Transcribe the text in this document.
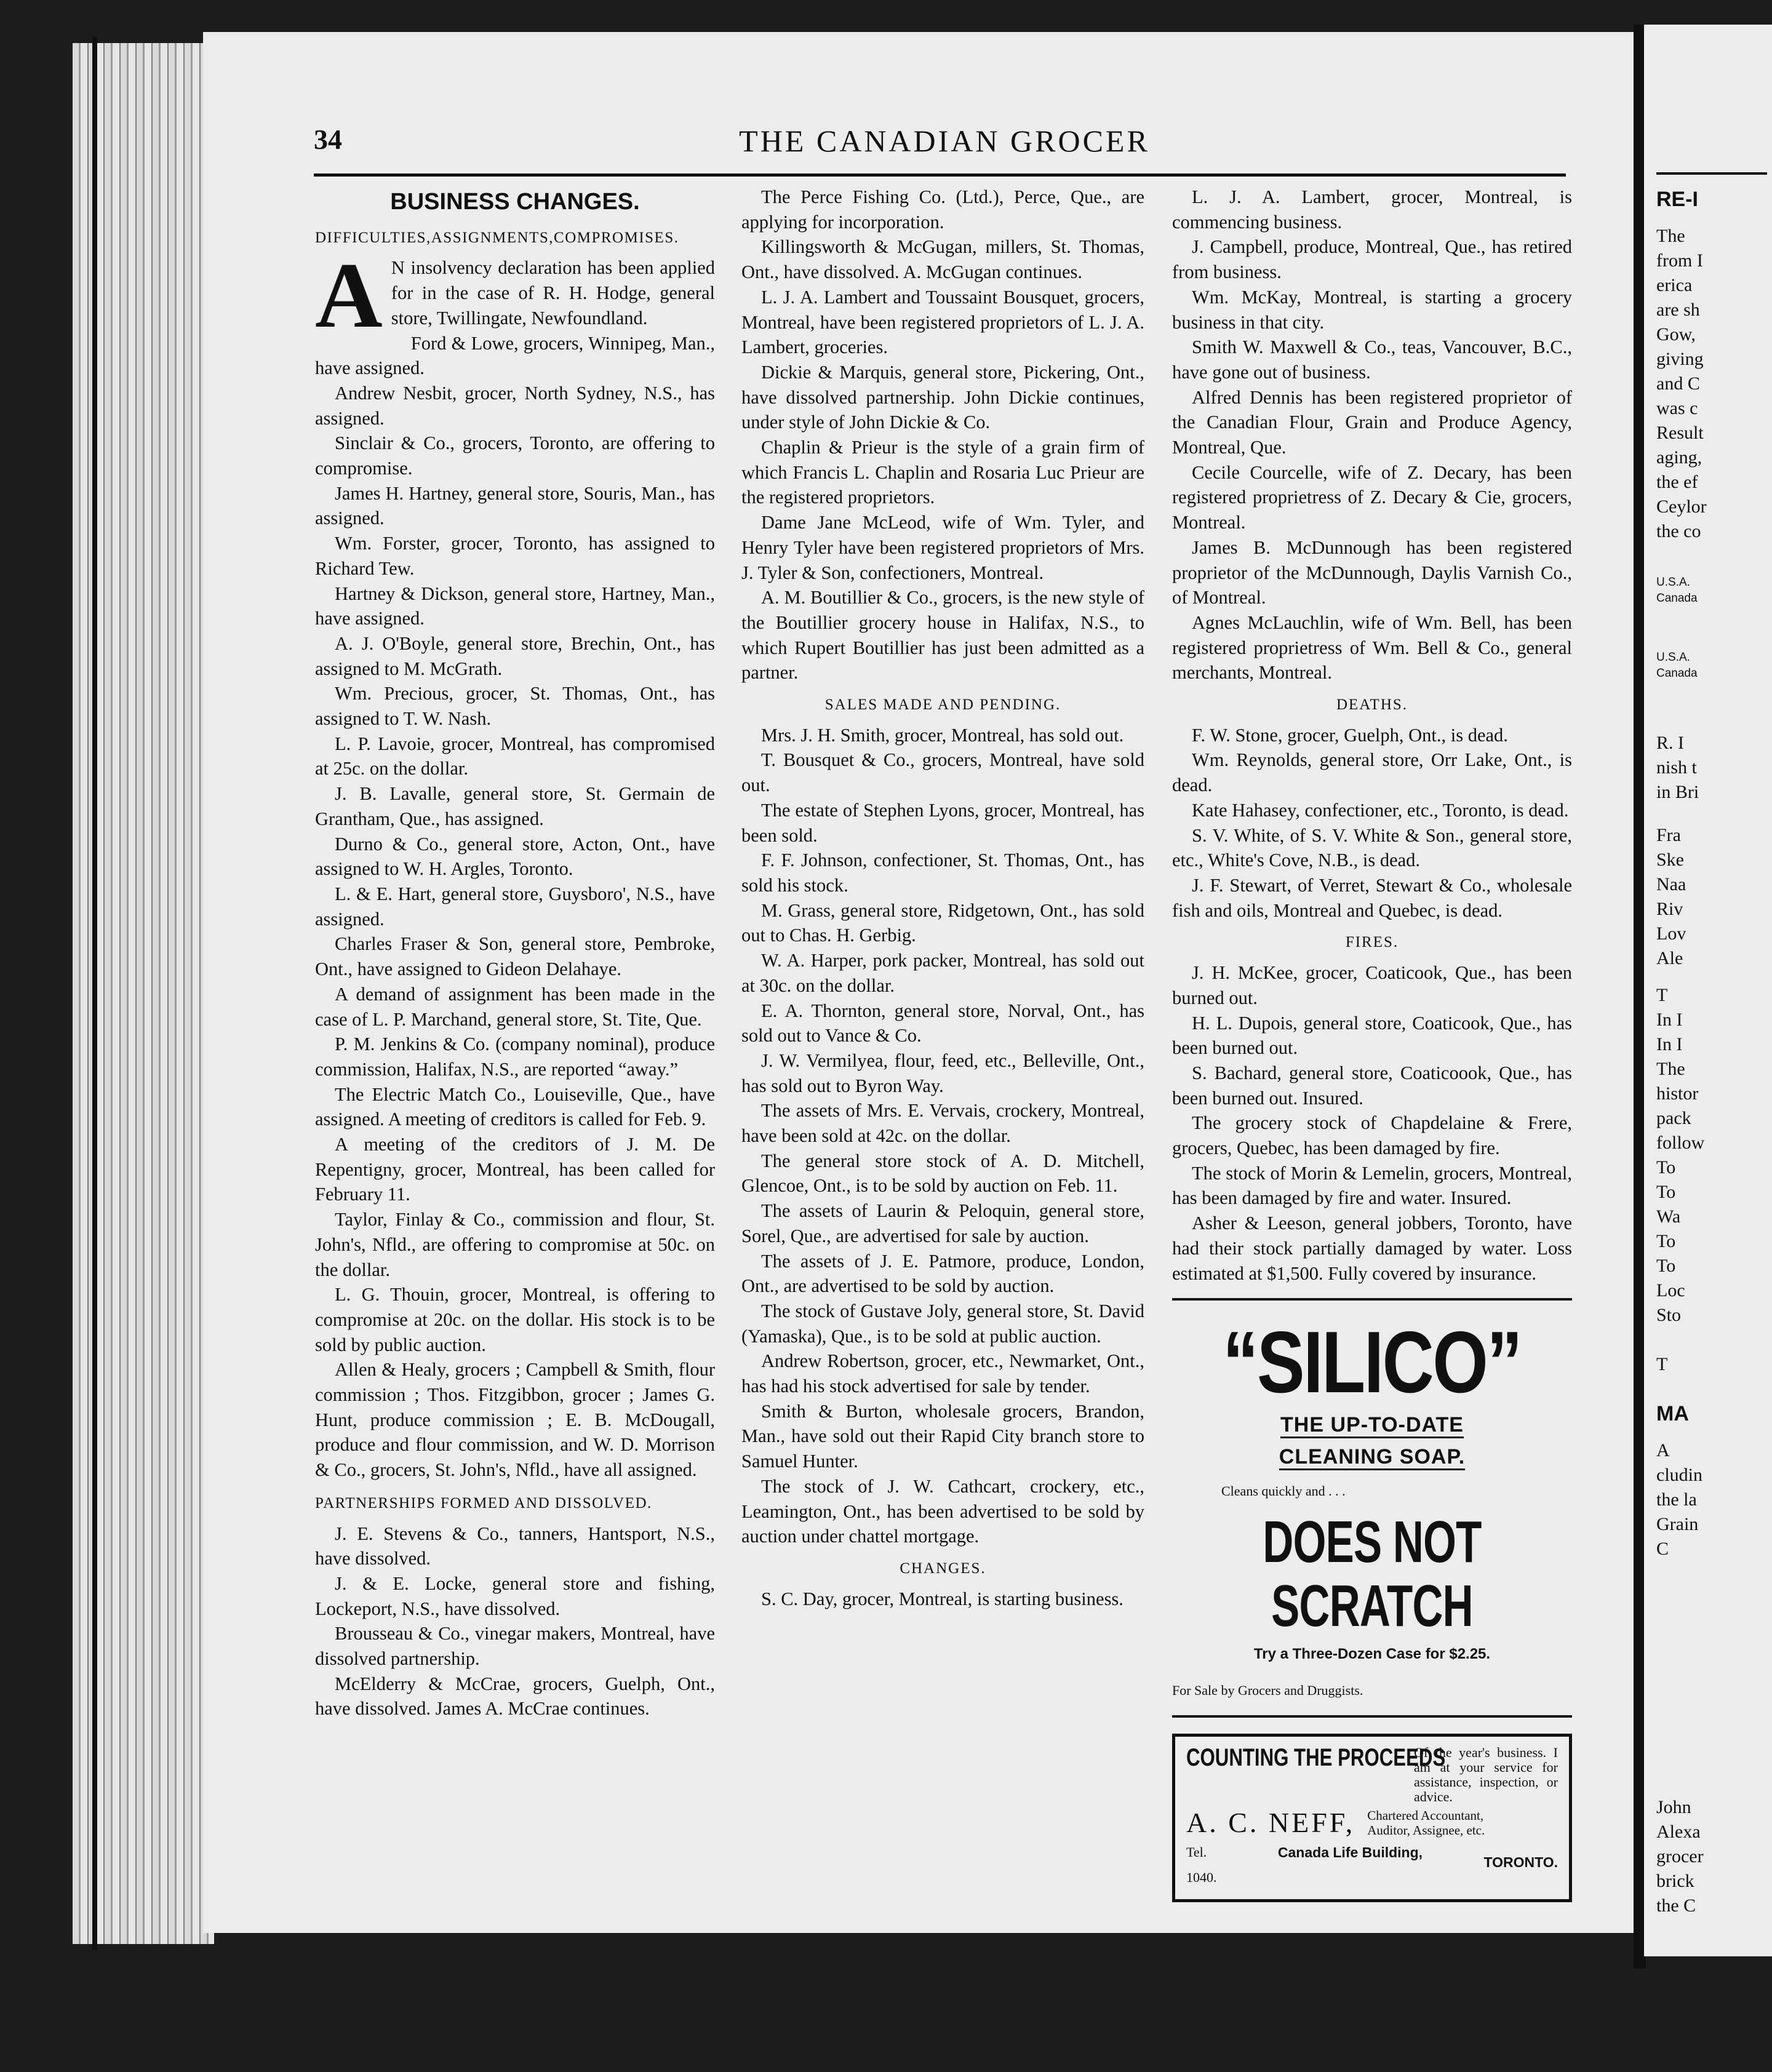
34	THE CANADIAN GROCER
BUSINESS CHANGES.
DIFFICULTIES,ASSIGNMENTS,COMPROMISES.

A N insolvency declaration has been applied for in the case of R. H. Hodge, general store, Twillingate, Newfoundland.

Ford & Lowe, grocers, Winnipeg, Man., have assigned.

Andrew Nesbit, grocer, North Sydney, N.S., has assigned.

Sinclair & Co., grocers, Toronto, are offering to compromise.

James H. Hartney, general store, Souris, Man., has assigned.

Wm. Forster, grocer, Toronto, has assigned to Richard Tew.

Hartney & Dickson, general store, Hartney, Man., have assigned.

A. J. O'Boyle, general store, Brechin, Ont., has assigned to M. McGrath.

Wm. Precious, grocer, St. Thomas, Ont., has assigned to T. W. Nash.

L. P. Lavoie, grocer, Montreal, has compromised at 25c. on the dollar.

J. B. Lavalle, general store, St. Germain de Grantham, Que., has assigned.

Durno & Co., general store, Acton, Ont., have assigned to W. H. Argles, Toronto.

L. & E. Hart, general store, Guysboro', N.S., have assigned.

Charles Fraser & Son, general store, Pembroke, Ont., have assigned to Gideon Delahaye.

A demand of assignment has been made in the case of L. P. Marchand, general store, St. Tite, Que.

P. M. Jenkins & Co. (company nominal), produce commission, Halifax, N.S., are reported “away.”

The Electric Match Co., Louiseville, Que., have assigned. A meeting of creditors is called for Feb. 9.

A meeting of the creditors of J. M. De Repentigny, grocer, Montreal, has been called for February 11.

Taylor, Finlay & Co., commission and flour, St. John's, Nfld., are offering to compromise at 50c. on the dollar.

L. G. Thouin, grocer, Montreal, is offering to compromise at 20c. on the dollar. His stock is to be sold by public auction.

Allen & Healy, grocers ; Campbell & Smith, flour commission ; Thos. Fitzgibbon, grocer ; James G. Hunt, produce commission ; E. B. McDougall, produce and flour commission, and W. D. Morrison & Co., grocers, St. John's, Nfld., have all assigned.

PARTNERSHIPS FORMED AND DISSOLVED.

J. E. Stevens & Co., tanners, Hantsport, N.S., have dissolved.

J. & E. Locke, general store and fishing, Lockeport, N.S., have dissolved.

Brousseau & Co., vinegar makers, Montreal, have dissolved partnership.

McElderry & McCrae, grocers, Guelph, Ont., have dissolved. James A. McCrae continues.

The Perce Fishing Co. (Ltd.), Perce, Que., are applying for incorporation.

Killingsworth & McGugan, millers, St. Thomas, Ont., have dissolved. A. McGugan continues.

L. J. A. Lambert and Toussaint Bousquet, grocers, Montreal, have been registered proprietors of L. J. A. Lambert, groceries.

Dickie & Marquis, general store, Pickering, Ont., have dissolved partnership. John Dickie continues, under style of John Dickie & Co.

Chaplin & Prieur is the style of a grain firm of which Francis L. Chaplin and Rosaria Luc Prieur are the registered proprietors.

Dame Jane McLeod, wife of Wm. Tyler, and Henry Tyler have been registered proprietors of Mrs. J. Tyler & Son, confectioners, Montreal.

A. M. Boutillier & Co., grocers, is the new style of the Boutillier grocery house in Halifax, N.S., to which Rupert Boutillier has just been admitted as a partner.

SALES MADE AND PENDING.

Mrs. J. H. Smith, grocer, Montreal, has sold out.

T. Bousquet & Co., grocers, Montreal, have sold out.

The estate of Stephen Lyons, grocer, Montreal, has been sold.

F. F. Johnson, confectioner, St. Thomas, Ont., has sold his stock.

M. Grass, general store, Ridgetown, Ont., has sold out to Chas. H. Gerbig.

W. A. Harper, pork packer, Montreal, has sold out at 30c. on the dollar.

E. A. Thornton, general store, Norval, Ont., has sold out to Vance & Co.

J. W. Vermilyea, flour, feed, etc., Belleville, Ont., has sold out to Byron Way.

The assets of Mrs. E. Vervais, crockery, Montreal, have been sold at 42c. on the dollar.

The general store stock of A. D. Mitchell, Glencoe, Ont., is to be sold by auction on Feb. 11.

The assets of Laurin & Peloquin, general store, Sorel, Que., are advertised for sale by auction.

The assets of J. E. Patmore, produce, London, Ont., are advertised to be sold by auction.

The stock of Gustave Joly, general store, St. David (Yamaska), Que., is to be sold at public auction.

Andrew Robertson, grocer, etc., Newmarket, Ont., has had his stock advertised for sale by tender.

Smith & Burton, wholesale grocers, Brandon, Man., have sold out their Rapid City branch store to Samuel Hunter.

The stock of J. W. Cathcart, crockery, etc., Leamington, Ont., has been advertised to be sold by auction under chattel mortgage.

CHANGES.

S. C. Day, grocer, Montreal, is starting business.

L. J. A. Lambert, grocer, Montreal, is commencing business.

J. Campbell, produce, Montreal, Que., has retired from business.

Wm. McKay, Montreal, is starting a grocery business in that city.

Smith W. Maxwell & Co., teas, Vancouver, B.C., have gone out of business.

Alfred Dennis has been registered proprietor of the Canadian Flour, Grain and Produce Agency, Montreal, Que.

Cecile Courcelle, wife of Z. Decary, has been registered proprietress of Z. Decary & Cie, grocers, Montreal.

James B. McDunnough has been registered proprietor of the McDunnough, Daylis Varnish Co., of Montreal.

Agnes McLauchlin, wife of Wm. Bell, has been registered proprietress of Wm. Bell & Co., general merchants, Montreal.

DEATHS.

F. W. Stone, grocer, Guelph, Ont., is dead.

Wm. Reynolds, general store, Orr Lake, Ont., is dead.

Kate Hahasey, confectioner, etc., Toronto, is dead.

S. V. White, of S. V. White & Son., general store, etc., White's Cove, N.B., is dead.

J. F. Stewart, of Verret, Stewart & Co., wholesale fish and oils, Montreal and Quebec, is dead.

FIRES.

J. H. McKee, grocer, Coaticook, Que., has been burned out.

H. L. Dupois, general store, Coaticook, Que., has been burned out.

S. Bachard, general store, Coaticoook, Que., has been burned out. Insured.

The grocery stock of Chapdelaine & Frere, grocers, Quebec, has been damaged by fire.

The stock of Morin & Lemelin, grocers, Montreal, has been damaged by fire and water. Insured.

Asher & Leeson, general jobbers, Toronto, have had their stock partially damaged by water. Loss estimated at $1,500. Fully covered by insurance.

“SILICO”
THE UP-TO-DATE
CLEANING SOAP.
Cleans quickly and . . .
DOES NOT SCRATCH
Try a Three-Dozen Case for $2.25.
For Sale by Grocers and Druggists.
COUNTING THE PROCEEDS
Of the year's business. I am at your service for assistance, inspection, or advice.
A. C. NEFF, Chartered Accountant,
Auditor, Assignee, etc.
Tel.
1040.
Canada Life Building,
TORONTO.
RE-I
The
from I
erica
are sh
Gow,
giving
and C
was c
Result
aging,
the ef
Ceylor
the co
U.S.A.
Canada
U.S.A.
Canada
R. I
nish t
in Bri
Fra
Ske
Naa
Riv
Lov
Ale
T
In I
In I
The
histor
pack
follow
To
To
Wa
To
To
Loc
Sto
T
MA
A
cludin
the la
Grain
C
John
Alexa
grocer
brick
the C
